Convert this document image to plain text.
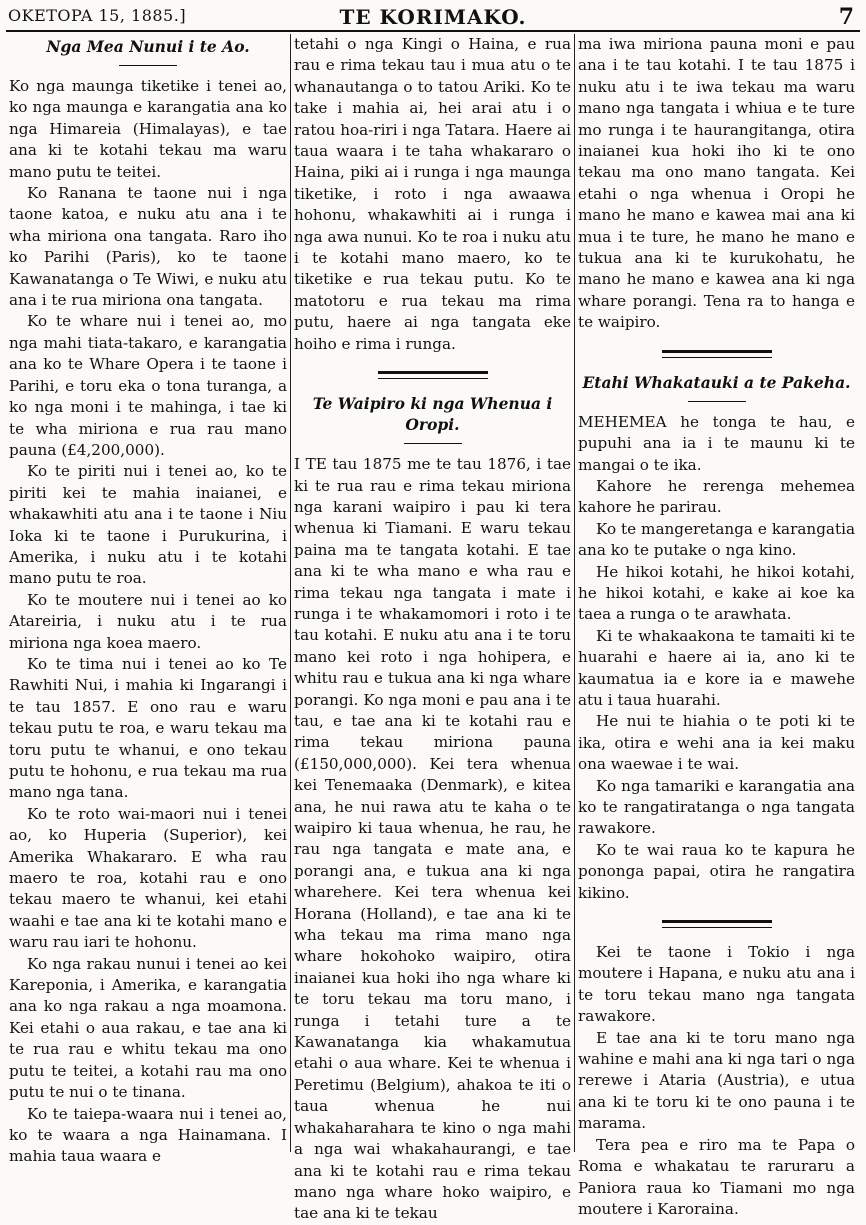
OKETOPA 15, 1885.]	TE KORIMAKO.	7
Nga Mea Nunui i te Ao.

Ko nga maunga tiketike i tenei ao, ko nga maunga e karangatia ana ko nga Himareia (Himalayas), e tae ana ki te kotahi tekau ma waru mano putu te teitei.

Ko Ranana te taone nui i nga taone katoa, e nuku atu ana i te wha miriona ona tangata. Raro iho ko Parihi (Paris), ko te taone Kawanatanga o Te Wiwi, e nuku atu ana i te rua miriona ona tangata.

Ko te whare nui i tenei ao, mo nga mahi tiata-takaro, e karangatia ana ko te Whare Opera i te taone i Parihi, e toru eka o tona turanga, a ko nga moni i te mahinga, i tae ki te wha miriona e rua rau mano pauna (£4,200,000).

Ko te piriti nui i tenei ao, ko te piriti kei te mahia inaianei, e whakawhiti atu ana i te taone i Niu Ioka ki te taone i Purukurina, i Amerika, i nuku atu i te kotahi mano putu te roa.

Ko te moutere nui i tenei ao ko Atareiria, i nuku atu i te rua miriona nga koea maero.

Ko te tima nui i tenei ao ko Te Rawhiti Nui, i mahia ki Ingarangi i te tau 1857. E ono rau e waru tekau putu te roa, e waru tekau ma toru putu te whanui, e ono tekau putu te hohonu, e rua tekau ma rua mano nga tana.

Ko te roto wai-maori nui i tenei ao, ko Huperia (Superior), kei Amerika Whakararo. E wha rau maero te roa, kotahi rau e ono tekau maero te whanui, kei etahi waahi e tae ana ki te kotahi mano e waru rau iari te hohonu.

Ko nga rakau nunui i tenei ao kei Kareponia, i Amerika, e karangatia ana ko nga rakau a nga moamona. Kei etahi o aua rakau, e tae ana ki te rua rau e whitu tekau ma ono putu te teitei, a kotahi rau ma ono putu te nui o te tinana.

Ko te taiepa-waara nui i tenei ao, ko te waara a nga Hainamana. I mahia taua waara e

tetahi o nga Kingi o Haina, e rua rau e rima tekau tau i mua atu o te whanautanga o to tatou Ariki. Ko te take i mahia ai, hei arai atu i o ratou hoa-riri i nga Tatara. Haere ai taua waara i te taha whakararo o Haina, piki ai i runga i nga maunga tiketike, i roto i nga awaawa hohonu, whakawhiti ai i runga i nga awa nunui. Ko te roa i nuku atu i te kotahi mano maero, ko te tiketike e rua tekau putu. Ko te matotoru e rua tekau ma rima putu, haere ai nga tangata eke hoiho e rima i runga.

Te Waipiro ki nga Whenua i Oropi.

I TE tau 1875 me te tau 1876, i tae ki te rua rau e rima tekau miriona nga karani waipiro i pau ki tera whenua ki Tiamani. E waru tekau paina ma te tangata kotahi. E tae ana ki te wha mano e wha rau e rima tekau nga tangata i mate i runga i te whakamomori i roto i te tau kotahi. E nuku atu ana i te toru mano kei roto i nga hohipera, e whitu rau e tukua ana ki nga whare porangi. Ko nga moni e pau ana i te tau, e tae ana ki te kotahi rau e rima tekau miriona pauna (£150,000,000). Kei tera whenua kei Tenemaaka (Denmark), e kitea ana, he nui rawa atu te kaha o te waipiro ki taua whenua, he rau, he rau nga tangata e mate ana, e porangi ana, e tukua ana ki nga wharehere. Kei tera whenua kei Horana (Holland), e tae ana ki te wha tekau ma rima mano nga whare hokohoko waipiro, otira inaianei kua hoki iho nga whare ki te toru tekau ma toru mano, i runga i tetahi ture a te Kawanatanga kia whakamutua etahi o aua whare. Kei te whenua i Peretimu (Belgium), ahakoa te iti o taua whenua he nui whakaharahara te kino o nga mahi a nga wai whakahaurangi, e tae ana ki te kotahi rau e rima tekau mano nga whare hoko waipiro, e tae ana ki te tekau

ma iwa miriona pauna moni e pau ana i te tau kotahi. I te tau 1875 i nuku atu i te iwa tekau ma waru mano nga tangata i whiua e te ture mo runga i te haurangitanga, otira inaianei kua hoki iho ki te ono tekau ma ono mano tangata. Kei etahi o nga whenua i Oropi he mano he mano e kawea mai ana ki mua i te ture, he mano he mano e tukua ana ki te kurukohatu, he mano he mano e kawea ana ki nga whare porangi. Tena ra to hanga e te waipiro.

Etahi Whakatauki a te Pakeha.

MEHEMEA he tonga te hau, e pupuhi ana ia i te maunu ki te mangai o te ika.

Kahore he rerenga mehemea kahore he parirau.

Ko te mangeretanga e karangatia ana ko te putake o nga kino.

He hikoi kotahi, he hikoi kotahi, he hikoi kotahi, e kake ai koe ka taea a runga o te arawhata.

Ki te whakaakona te tamaiti ki te huarahi e haere ai ia, ano ki te kaumatua ia e kore ia e mawehe atu i taua huarahi.

He nui te hiahia o te poti ki te ika, otira e wehi ana ia kei maku ona waewae i te wai.

Ko nga tamariki e karangatia ana ko te rangatiratanga o nga tangata rawakore.

Ko te wai raua ko te kapura he pononga papai, otira he rangatira kikino.

Kei te taone i Tokio i nga moutere i Hapana, e nuku atu ana i te toru tekau mano nga tangata rawakore.

E tae ana ki te toru mano nga wahine e mahi ana ki nga tari o nga rerewe i Ataria (Austria), e utua ana ki te toru ki te ono pauna i te marama.

Tera pea e riro ma te Papa o Roma e whakatau te raruraru a Paniora raua ko Tiamani mo nga moutere i Karoraina.
